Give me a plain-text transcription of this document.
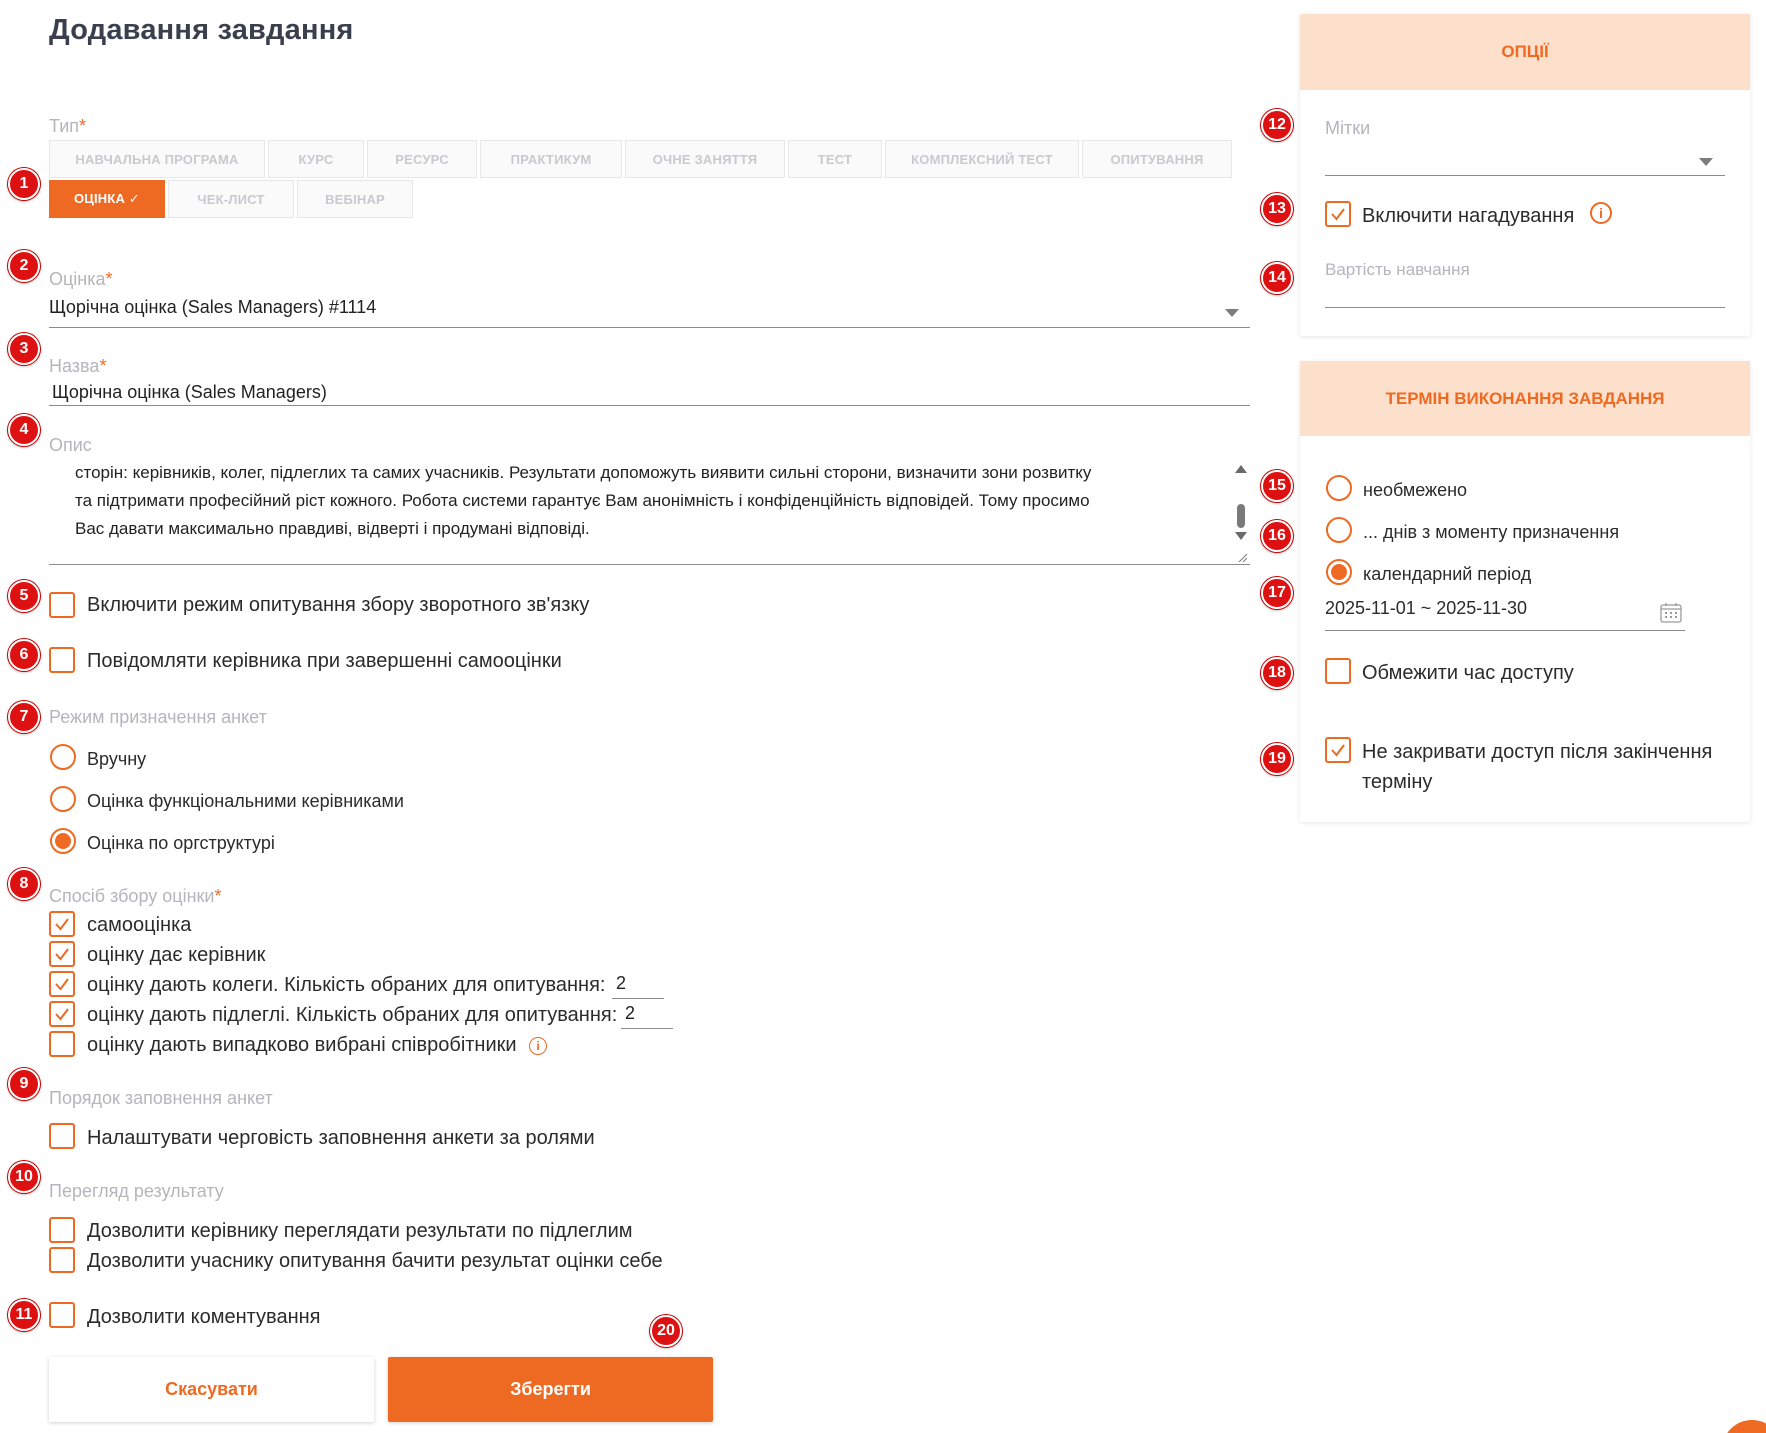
Додавання завдання
Тип*
НАВЧАЛЬНА ПРОГРАМА	КУРС	РЕСУРС	ПРАКТИКУМ	ОЧНЕ ЗАНЯТТЯ	ТЕСТ	КОМПЛЕКСНИЙ ТЕСТ	ОПИТУВАННЯ
ОЦІНКА ✓	ЧЕК-ЛИСТ	ВЕБІНАР
Оцінка*
Щорічна оцінка (Sales Managers) #1114
Назва*
Щорічна оцінка (Sales Managers)
Опис
сторін: керівників, колег, підлеглих та самих учасників. Результати допоможуть виявити сильні сторони, визначити зони розвитку
та підтримати професійний ріст кожного. Робота системи гарантує Вам анонімність і конфіденційність відповідей. Тому просимо
Вас давати максимально правдиві, відверті і продумані відповіді.
Включити режим опитування збору зворотного зв'язку
Повідомляти керівника при завершенні самооцінки
Режим призначення анкет
Вручну
Оцінка функціональними керівниками
Оцінка по оргструктурі
Спосіб збору оцінки*
самооцінка
оцінку дає керівник
оцінку дають колеги. Кількість обраних для опитування: 2
оцінку дають підлеглі. Кількість обраних для опитування: 2
оцінку дають випадково вибрані співробітники	i
Порядок заповнення анкет
Налаштувати черговість заповнення анкети за ролями
Перегляд результату
Дозволити керівнику переглядати результати по підлеглим
Дозволити учаснику опитування бачити результат оцінки себе
Дозволити коментування
Скасувати	Зберегти
ОПЦІЇ
Мітки
Включити нагадування	i
Вартість навчання
ТЕРМІН ВИКОНАННЯ ЗАВДАННЯ
необмежено
... днів з моменту призначення
календарний період
2025-11-01 ~ 2025-11-30
Обмежити час доступу
Не закривати доступ після закінчення
терміну
1
2
3
4
5
6
7
8
9
10
11
12
13
14
15
16
17
18
19
20
